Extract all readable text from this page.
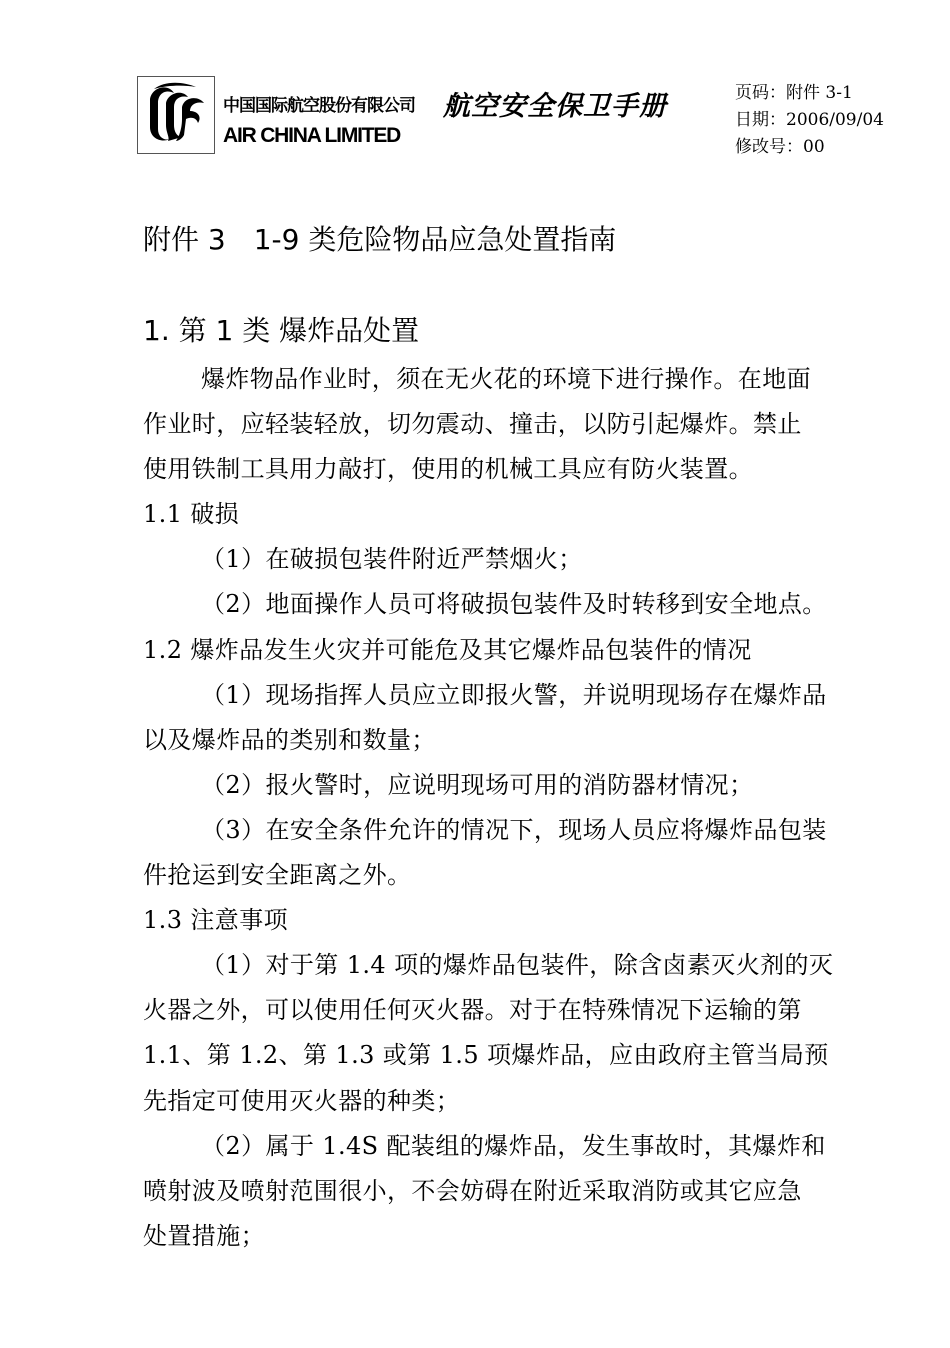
中国国际航空股份有限公司
AIR CHINA LIMITED
航空安全保卫手册	页码：附件 3-1
日期：2006/09/04
修改号：00
附件 3　1-9 类危险物品应急处置指南
1. 第 1 类 爆炸品处置
爆炸物品作业时，须在无火花的环境下进行操作。在地面
作业时，应轻装轻放，切勿震动、撞击，以防引起爆炸。禁止
使用铁制工具用力敲打，使用的机械工具应有防火装置。
1.1 破损
（1）在破损包装件附近严禁烟火；
（2）地面操作人员可将破损包装件及时转移到安全地点。
1.2 爆炸品发生火灾并可能危及其它爆炸品包装件的情况
（1）现场指挥人员应立即报火警，并说明现场存在爆炸品
以及爆炸品的类别和数量；
（2）报火警时，应说明现场可用的消防器材情况；
（3）在安全条件允许的情况下，现场人员应将爆炸品包装
件抢运到安全距离之外。
1.3 注意事项
（1）对于第 1.4 项的爆炸品包装件，除含卤素灭火剂的灭
火器之外，可以使用任何灭火器。对于在特殊情况下运输的第
1.1、第 1.2、第 1.3 或第 1.5 项爆炸品，应由政府主管当局预
先指定可使用灭火器的种类；
（2）属于 1.4S 配装组的爆炸品，发生事故时，其爆炸和
喷射波及喷射范围很小，不会妨碍在附近采取消防或其它应急
处置措施；
